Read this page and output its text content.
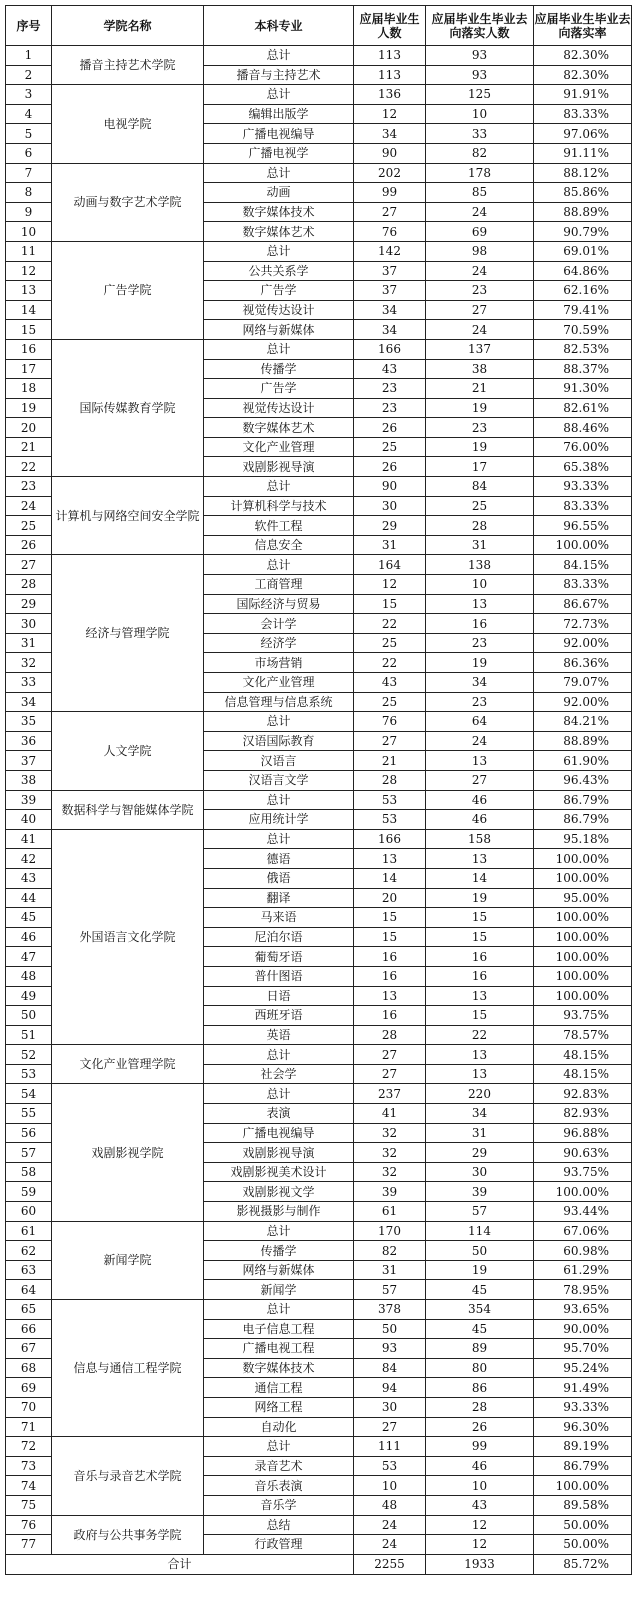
序号	学院名称	本科专业	应届毕业生人数	应届毕业生毕业去向落实人数	应届毕业生毕业去向落实率
1	播音主持艺术学院	总计	113	93	82.30%
2		播音与主持艺术	113	93	82.30%
3	电视学院	总计	136	125	91.91%
4		编辑出版学	12	10	83.33%
5		广播电视编导	34	33	97.06%
6		广播电视学	90	82	91.11%
7	动画与数字艺术学院	总计	202	178	88.12%
8		动画	99	85	85.86%
9		数字媒体技术	27	24	88.89%
10		数字媒体艺术	76	69	90.79%
11	广告学院	总计	142	98	69.01%
12		公共关系学	37	24	64.86%
13		广告学	37	23	62.16%
14		视觉传达设计	34	27	79.41%
15		网络与新媒体	34	24	70.59%
16	国际传媒教育学院	总计	166	137	82.53%
17		传播学	43	38	88.37%
18		广告学	23	21	91.30%
19		视觉传达设计	23	19	82.61%
20		数字媒体艺术	26	23	88.46%
21		文化产业管理	25	19	76.00%
22		戏剧影视导演	26	17	65.38%
23	计算机与网络空间安全学院	总计	90	84	93.33%
24		计算机科学与技术	30	25	83.33%
25		软件工程	29	28	96.55%
26		信息安全	31	31	100.00%
27	经济与管理学院	总计	164	138	84.15%
28		工商管理	12	10	83.33%
29		国际经济与贸易	15	13	86.67%
30		会计学	22	16	72.73%
31		经济学	25	23	92.00%
32		市场营销	22	19	86.36%
33		文化产业管理	43	34	79.07%
34		信息管理与信息系统	25	23	92.00%
35	人文学院	总计	76	64	84.21%
36		汉语国际教育	27	24	88.89%
37		汉语言	21	13	61.90%
38		汉语言文学	28	27	96.43%
39	数据科学与智能媒体学院	总计	53	46	86.79%
40		应用统计学	53	46	86.79%
41	外国语言文化学院	总计	166	158	95.18%
42		德语	13	13	100.00%
43		俄语	14	14	100.00%
44		翻译	20	19	95.00%
45		马来语	15	15	100.00%
46		尼泊尔语	15	15	100.00%
47		葡萄牙语	16	16	100.00%
48		普什图语	16	16	100.00%
49		日语	13	13	100.00%
50		西班牙语	16	15	93.75%
51		英语	28	22	78.57%
52	文化产业管理学院	总计	27	13	48.15%
53		社会学	27	13	48.15%
54	戏剧影视学院	总计	237	220	92.83%
55		表演	41	34	82.93%
56		广播电视编导	32	31	96.88%
57		戏剧影视导演	32	29	90.63%
58		戏剧影视美术设计	32	30	93.75%
59		戏剧影视文学	39	39	100.00%
60		影视摄影与制作	61	57	93.44%
61	新闻学院	总计	170	114	67.06%
62		传播学	82	50	60.98%
63		网络与新媒体	31	19	61.29%
64		新闻学	57	45	78.95%
65	信息与通信工程学院	总计	378	354	93.65%
66		电子信息工程	50	45	90.00%
67		广播电视工程	93	89	95.70%
68		数字媒体技术	84	80	95.24%
69		通信工程	94	86	91.49%
70		网络工程	30	28	93.33%
71		自动化	27	26	96.30%
72	音乐与录音艺术学院	总计	111	99	89.19%
73		录音艺术	53	46	86.79%
74		音乐表演	10	10	100.00%
75		音乐学	48	43	89.58%
76	政府与公共事务学院	总结	24	12	50.00%
77		行政管理	24	12	50.00%
合计			2255	1933	85.72%
